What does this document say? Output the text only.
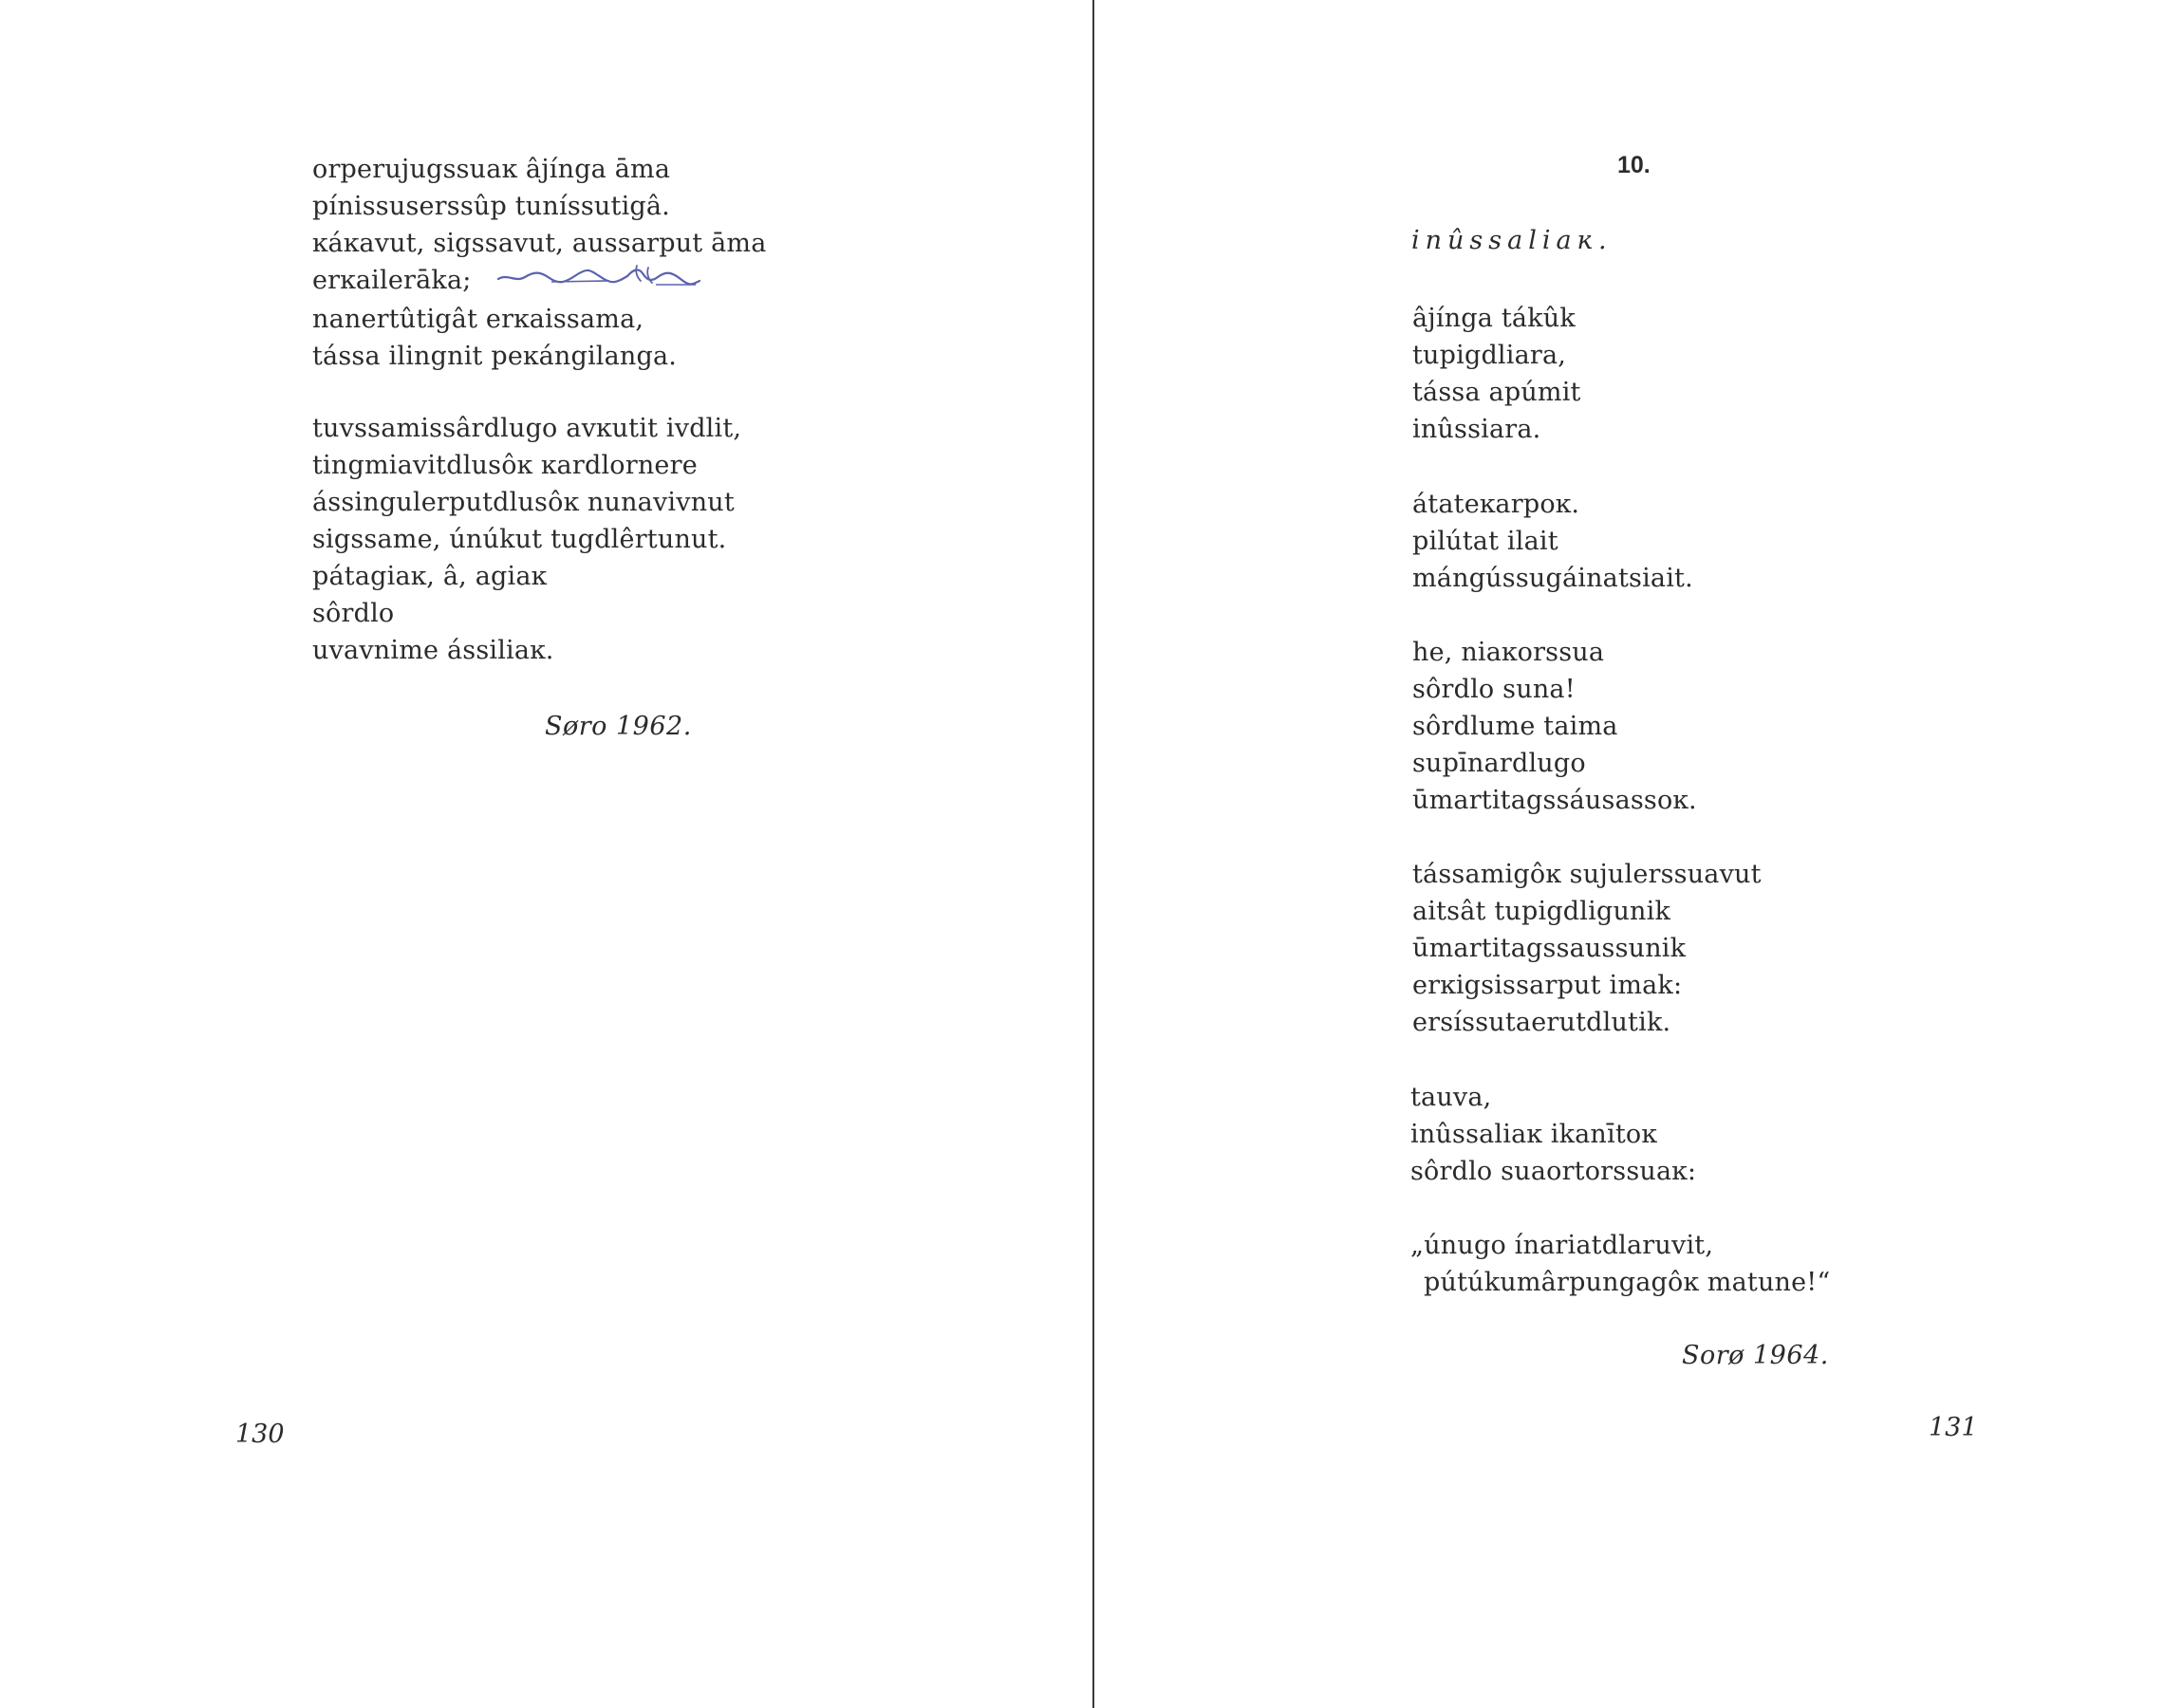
orperujugssuaĸ âjínga āma
pínissuserssûp tuníssutigâ.
ĸáĸavut, sigssavut, aussarput āma
erĸailerāka;
nanertûtigât erĸaissama,
tássa ilingnit peĸángilanga.
tuvssamissârdlugo avĸutit ivdlit,
tingmiavitdlusôĸ ĸardlornere
ássingulerputdlusôĸ nunavivnut
sigssame, únúkut tugdlêrtunut.
pátagiaĸ, â, agiaĸ
sôrdlo
uvavnime ássiliaĸ.
Søro 1962.
130
10.
inûssaliaĸ.
âjínga tákûk
tupigdliara,
tássa apúmit
inûssiara.
átateĸarpoĸ.
pilútat ilait
mángússugáinatsiait.
he, niaĸorssua
sôrdlo suna!
sôrdlume taima
supīnardlugo
ūmartitagssáusassoĸ.
tássamigôĸ sujulerssuavut
aitsât tupigdligunik
ūmartitagssaussunik
erĸigsissarput imak:
ersíssutaerutdlutik.
tauva,
inûssaliaĸ ikanītoĸ
sôrdlo suaortorssuaĸ:
„únugo ínariatdlaruvit,
pútúkumârpungagôĸ matune!“
Sorø 1964.
131
